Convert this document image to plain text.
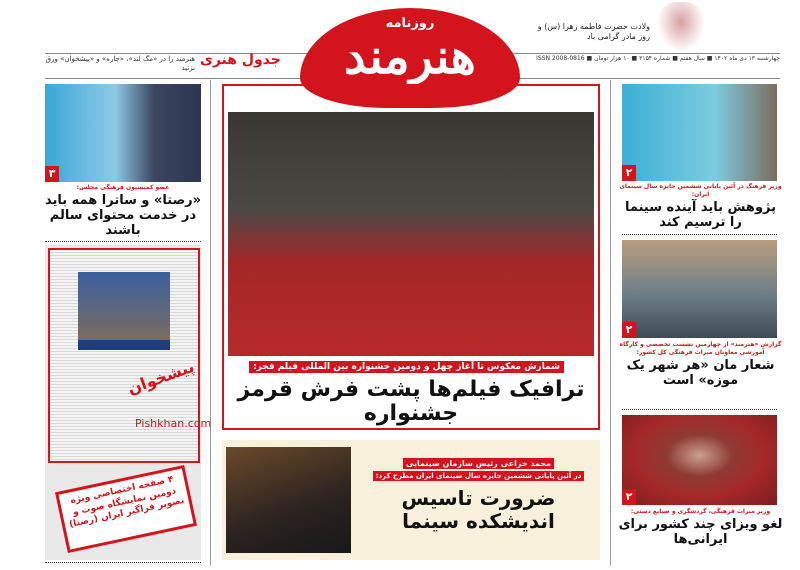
ولادت حضرت فاطمه زهرا (س) و روز مادر گرامی باد
چهارشنبه ۱۳ دی ماه ۱۴۰۲ ■ سال هفتم ■ شماره ۳۱۵۴ ■ ۱۰ هزار تومان ■ ISSN 2008-0816
هنرمند را در «مگ لند»، «جاره» و «پیشخوان» ورق بزنید
جدول هنری
روزنامه
هنرمند
شمارش معکوس تا آغاز چهل و دومین جشنواره بین المللی فیلم فجر:
ترافیک فیلم‌ها پشت فرش قرمز جشنواره
محمد خزاعی رئیس سازمان سینمایی
در آئین پایانی ششمین جایزه سال سینمای ایران مطرح کرد:
ضرورت تاسیس اندیشکده سینما
۲
وزیر فرهنگ در آئین پایانی ششمین جایزه سال سینمای ایران:
پژوهش باید آینده سینما را ترسیم کند
۲
گزارش «هنرمند» از چهارمین نشست تخصصی و کارگاه آموزشی معاونان میراث فرهنگی کل کشور:
شعار مان «هر شهر یک موزه» است
۲
وزیر میراث فرهنگی، گردشگری و صنایع دستی:
لغو ویزای چند کشور برای ایرانی‌ها
۳
عضو کمیسیون فرهنگی مجلس:
«رصتا» و ساترا همه باید در خدمت محتوای سالم باشند
پیشخوان
Pishkhan.com
۴ صفحه اختصاصی ویژه دومین نمایشگاه صوت و تصویر فراگیر ایران (رصتا)
